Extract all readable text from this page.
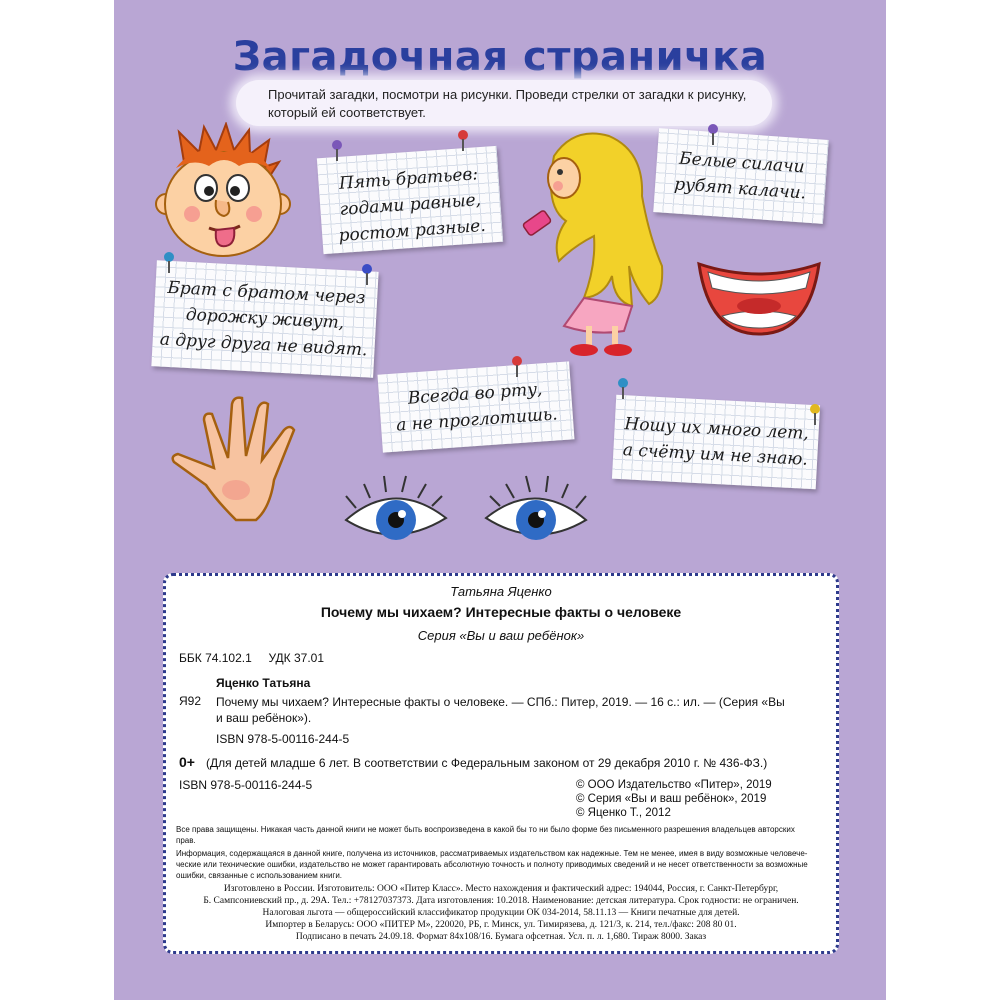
Загадочная страничка
Прочитай загадки, посмотри на рисунки. Проведи стрелки от загадки к рисунку,
который ей соответствует.
Пять братьев:
годами равные,
ростом разные.
Белые силачи
рубят калачи.
Брат с братом через
дорожку живут,
а друг друга не видят.
Всегда во рту,
а не проглотишь.	Ношу их много лет,
а счёту им не знаю.
Татьяна Яценко
Почему мы чихаем? Интересные факты о человеке
Серия «Вы и ваш ребёнок»
ББК 74.102.1     УДК 37.01
Яценко Татьяна
Я92 Почему мы чихаем? Интересные факты о человеке. — СПб.: Питер, 2019. — 16 с.: ил. — (Серия «Вы
и ваш ребёнок»).
ISBN 978-5-00116-244-5
0+ (Для детей младше 6 лет. В соответствии с Федеральным законом от 29 декабря 2010 г. № 436-ФЗ.)
ISBN 978-5-00116-244-5	© ООО Издательство «Питер», 2019
© Серия «Вы и ваш ребёнок», 2019
© Яценко Т., 2012
Все права защищены. Никакая часть данной книги не может быть воспроизведена в какой бы то ни было форме без письменного разрешения владельцев авторских
прав.
Информация, содержащаяся в данной книге, получена из источников, рассматриваемых издательством как надежные. Тем не менее, имея в виду возможные человече-
ческие или технические ошибки, издательство не может гарантировать абсолютную точность и полноту приводимых сведений и не несет ответственности за возможные
ошибки, связанные с использованием книги.
Изготовлено в России. Изготовитель: ООО «Питер Класс». Место нахождения и фактический адрес: 194044, Россия, г. Санкт-Петербург,
Б. Сампсониевский пр., д. 29А. Тел.: +78127037373. Дата изготовления: 10.2018. Наименование: детская литература. Срок годности: не ограничен.
Налоговая льгота — общероссийский классификатор продукции ОК 034-2014, 58.11.13 — Книги печатные для детей.
Импортер в Беларусь: ООО «ПИТЕР М», 220020, РБ, г. Минск, ул. Тимирязева, д. 121/3, к. 214, тел./факс: 208 80 01.
Подписано в печать 24.09.18. Формат 84х108/16. Бумага офсетная. Усл. п. л. 1,680. Тираж 8000. Заказ
